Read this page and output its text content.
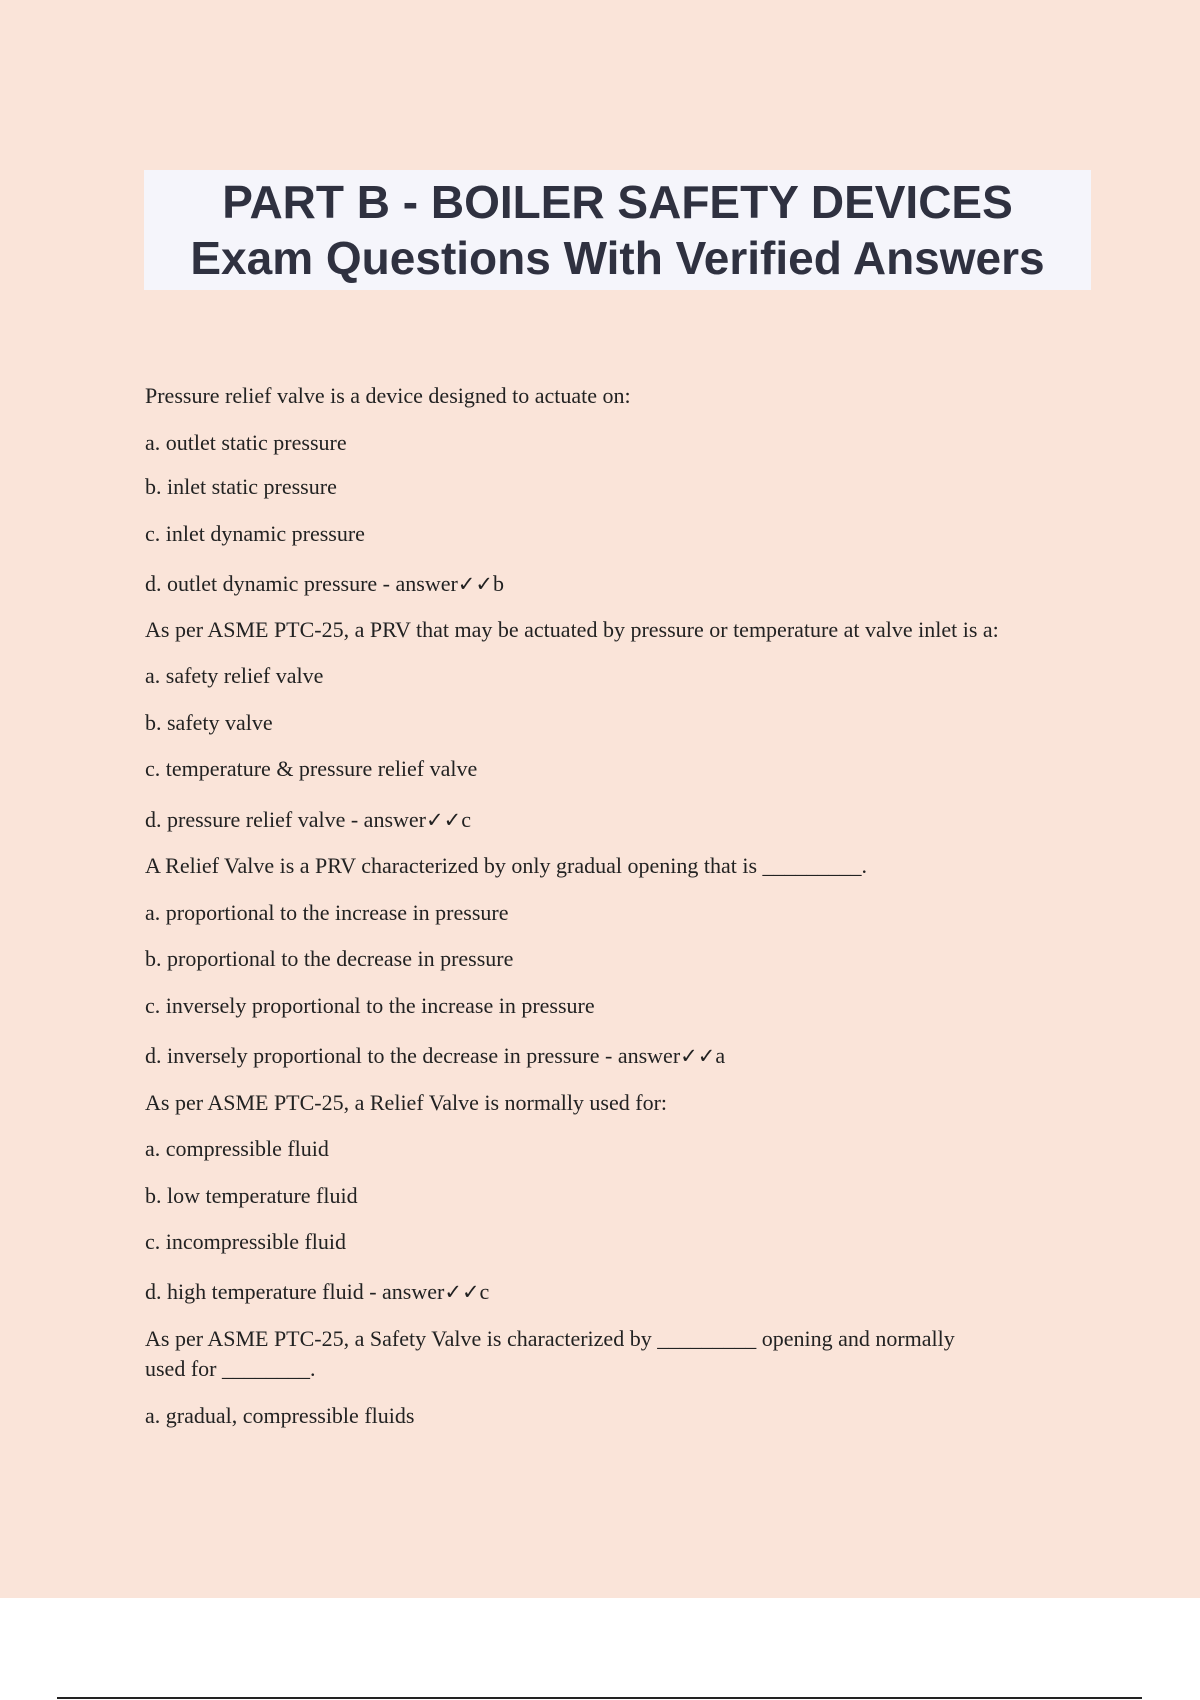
PART B - BOILER SAFETY DEVICES
Exam Questions With Verified Answers
Pressure relief valve is a device designed to actuate on:
a. outlet static pressure
b. inlet static pressure
c. inlet dynamic pressure
d. outlet dynamic pressure - answer✓✓b
As per ASME PTC-25, a PRV that may be actuated by pressure or temperature at valve inlet is a:
a. safety relief valve
b. safety valve
c. temperature & pressure relief valve
d. pressure relief valve - answer✓✓c
A Relief Valve is a PRV characterized by only gradual opening that is _________.
a. proportional to the increase in pressure
b. proportional to the decrease in pressure
c. inversely proportional to the increase in pressure
d. inversely proportional to the decrease in pressure - answer✓✓a
As per ASME PTC-25, a Relief Valve is normally used for:
a. compressible fluid
b. low temperature fluid
c. incompressible fluid
d. high temperature fluid - answer✓✓c
As per ASME PTC-25, a Safety Valve is characterized by _________ opening and normally
used for ________.
a. gradual, compressible fluids
